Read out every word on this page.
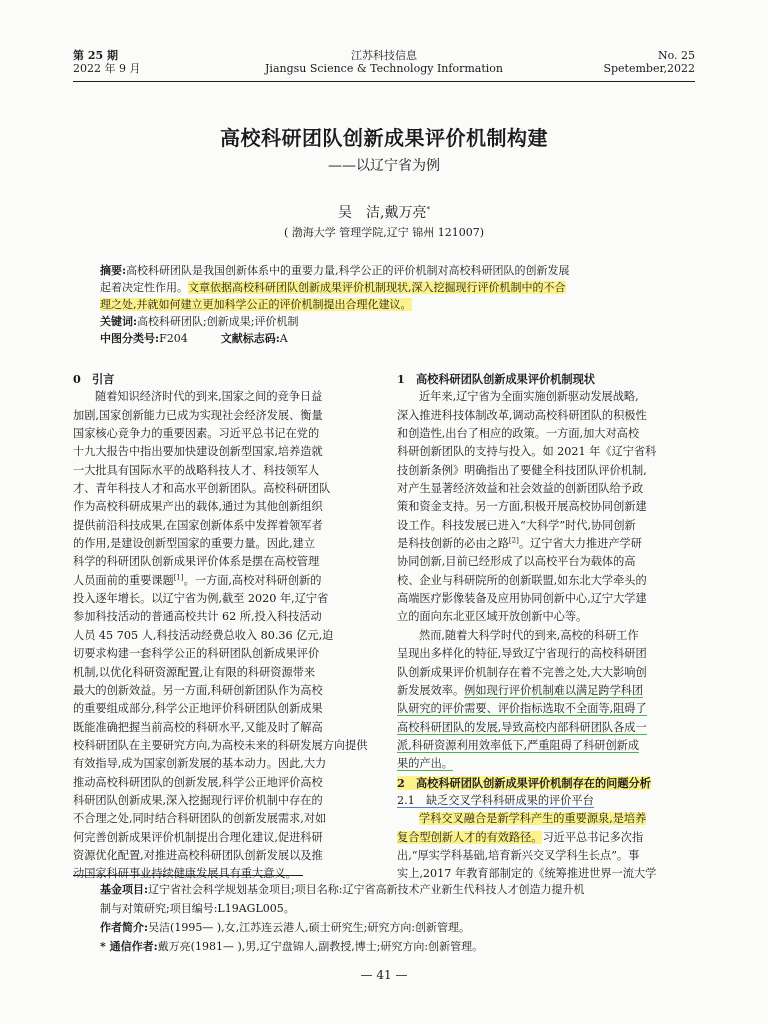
第 25 期
2022 年 9 月
江苏科技信息
Jiangsu Science & Technology Information
No. 25
Spetember,2022
高校科研团队创新成果评价机制构建
——以辽宁省为例
吴　洁,戴万亮*
( 渤海大学 管理学院,辽宁 锦州 121007)
摘要:高校科研团队是我国创新体系中的重要力量,科学公正的评价机制对高校科研团队的创新发展
起着决定性作用。文章依据高校科研团队创新成果评价机制现状,深入挖掘现行评价机制中的不合
理之处,并就如何建立更加科学公正的评价机制提出合理化建议。
关键词:高校科研团队;创新成果;评价机制
中图分类号:F204　　　	文献标志码:A
0　引言
随着知识经济时代的到来,国家之间的竞争日益
加剧,国家创新能力已成为实现社会经济发展、衡量
国家核心竞争力的重要因素。习近平总书记在党的
十九大报告中指出要加快建设创新型国家,培养造就
一大批具有国际水平的战略科技人才、科技领军人
才、青年科技人才和高水平创新团队。高校科研团队
作为高校科研成果产出的载体,通过为其他创新组织
提供前沿科技成果,在国家创新体系中发挥着领军者
的作用,是建设创新型国家的重要力量。因此,建立
科学的科研团队创新成果评价体系是摆在高校管理
人员面前的重要课题[1]。一方面,高校对科研创新的
投入逐年增长。以辽宁省为例,截至 2020 年,辽宁省
参加科技活动的普通高校共计 62 所,投入科技活动
人员 45 705 人,科技活动经费总收入 80.36 亿元,迫
切要求构建一套科学公正的科研团队创新成果评价
机制,以优化科研资源配置,让有限的科研资源带来
最大的创新效益。另一方面,科研创新团队作为高校
的重要组成部分,科学公正地评价科研团队创新成果
既能准确把握当前高校的科研水平,又能及时了解高
校科研团队在主要研究方向,为高校未来的科研发展方向提供
有效指导,成为国家创新发展的基本动力。因此,大力
推动高校科研团队的创新发展,科学公正地评价高校
科研团队创新成果,深入挖掘现行评价机制中存在的
不合理之处,同时结合科研团队的创新发展需求,对如
何完善创新成果评价机制提出合理化建议,促进科研
资源优化配置,对推进高校科研团队创新发展以及推
动国家科研事业持续健康发展具有重大意义。
1　高校科研团队创新成果评价机制现状
近年来,辽宁省为全面实施创新驱动发展战略,
深入推进科技体制改革,调动高校科研团队的积极性
和创造性,出台了相应的政策。一方面,加大对高校
科研创新团队的支持与投入。如 2021 年《辽宁省科
技创新条例》明确指出了要健全科技团队评价机制,
对产生显著经济效益和社会效益的创新团队给予政
策和资金支持。另一方面,积极开展高校协同创新建
设工作。科技发展已进入“大科学”时代,协同创新
是科技创新的必由之路[2]。辽宁省大力推进产学研
协同创新,目前已经形成了以高校平台为载体的高
校、企业与科研院所的创新联盟,如东北大学牵头的
高端医疗影像装备及应用协同创新中心,辽宁大学建
立的面向东北亚区域开放创新中心等。
然而,随着大科学时代的到来,高校的科研工作
呈现出多样化的特征,导致辽宁省现行的高校科研团
队创新成果评价机制存在着不完善之处,大大影响创
新发展效率。例如现行评价机制难以满足跨学科团
队研究的评价需要、评价指标选取不全面等,阻碍了
高校科研团队的发展,导致高校内部科研团队各成一
派,科研资源利用效率低下,严重阻碍了科研创新成
果的产出。
2　高校科研团队创新成果评价机制存在的问题分析
2.1　缺乏交叉学科科研成果的评价平台
学科交叉融合是新学科产生的重要源泉,是培养
复合型创新人才的有效路径。习近平总书记多次指
出,“厚实学科基础,培育新兴交叉学科生长点”。事
实上,2017 年教育部制定的《统筹推进世界一流大学
基金项目:辽宁省社会科学规划基金项目;项目名称:辽宁省高新技术产业新生代科技人才创造力提升机
制与对策研究;项目编号:L19AGL005。
作者简介:吴洁(1995— ),女,江苏连云港人,硕士研究生;研究方向:创新管理。
* 通信作者:戴万亮(1981— ),男,辽宁盘锦人,副教授,博士;研究方向:创新管理。
— 41 —
